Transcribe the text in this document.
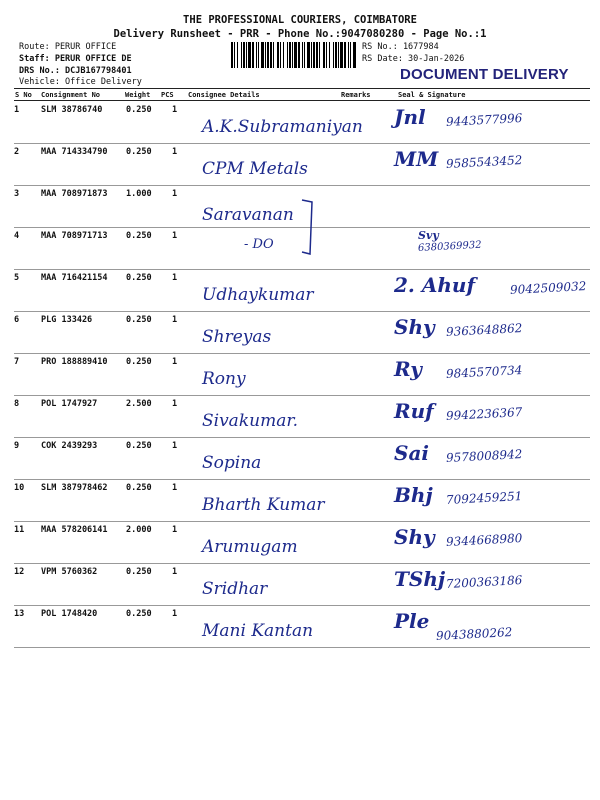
THE PROFESSIONAL COURIERS, COIMBATORE
Delivery Runsheet - PRR - Phone No.:9047080280 - Page No.:1
Route: PERUR OFFICE
Staff: PERUR OFFICE DE
DRS No.: DCJB167798401
Vehicle: Office Delivery
RS No.: 1677984
RS Date: 30-Jan-2026
DOCUMENT DELIVERY
S No Consignment No	Weight PCS Consignee Details	Remarks	Seal & Signature
1	SLM 38786740	0.250 1
A.K.Subramaniyan Jnl 9443577996
2	MAA 714334790 0.250 1
CPM Metals	MM 9585543452
3	MAA 708971873 1.000 1
Saravanan
4	MAA 708971713 0.250 1
- DO
Svy
6380369932
5	MAA 716421154 0.250 1
Udhaykumar	2. Ahuf	9042509032
6	PLG 133426	0.250 1
Shreyas	Shy 9363648862
7	PRO 188889410 0.250 1
Rony	Ry 9845570734
8	POL 1747927	2.500 1
Sivakumar.	Ruf 9942236367
9	COK 2439293	0.250 1
Sopina	Sai 9578008942
10 SLM 387978462 0.250 1
Bharth Kumar	Bhj 7092459251
11 MAA 578206141 2.000 1
Arumugam	Shy 9344668980
12 VPM 5760362	0.250 1
Sridhar	TShj 7200363186
13 POL 1748420	0.250 1
Mani Kantan	Ple
9043880262
